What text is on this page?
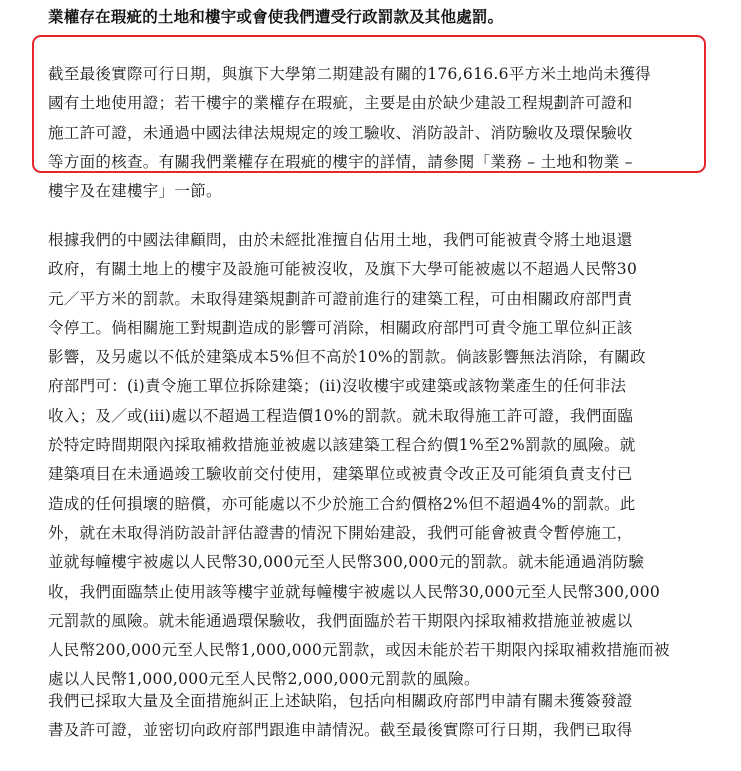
業權存在瑕疵的土地和樓宇或會使我們遭受行政罰款及其他處罰。
截至最後實際可行日期，與旗下大學第二期建設有關的176,616.6平方米土地尚未獲得
國有土地使用證；若干樓宇的業權存在瑕疵，主要是由於缺少建設工程規劃許可證和
施工許可證，未通過中國法律法規規定的竣工驗收、消防設計、消防驗收及環保驗收
等方面的核查。有關我們業權存在瑕疵的樓宇的詳情，請參閱「業務 – 土地和物業 –
樓宇及在建樓宇」一節。
根據我們的中國法律顧問，由於未經批准擅自佔用土地，我們可能被責令將土地退還
政府，有關土地上的樓宇及設施可能被沒收，及旗下大學可能被處以不超過人民幣30
元／平方米的罰款。未取得建築規劃許可證前進行的建築工程，可由相關政府部門責
令停工。倘相關施工對規劃造成的影響可消除，相關政府部門可責令施工單位糾正該
影響，及另處以不低於建築成本5%但不高於10%的罰款。倘該影響無法消除，有關政
府部門可：(i)責令施工單位拆除建築；(ii)沒收樓宇或建築或該物業產生的任何非法
收入；及／或(iii)處以不超過工程造價10%的罰款。就未取得施工許可證，我們面臨
於特定時間期限內採取補救措施並被處以該建築工程合約價1%至2%罰款的風險。就
建築項目在未通過竣工驗收前交付使用，建築單位或被責令改正及可能須負責支付已
造成的任何損壞的賠償，亦可能處以不少於施工合約價格2%但不超過4%的罰款。此
外，就在未取得消防設計評估證書的情況下開始建設，我們可能會被責令暫停施工，
並就每幢樓宇被處以人民幣30,000元至人民幣300,000元的罰款。就未能通過消防驗
收，我們面臨禁止使用該等樓宇並就每幢樓宇被處以人民幣30,000元至人民幣300,000
元罰款的風險。就未能通過環保驗收，我們面臨於若干期限內採取補救措施並被處以
人民幣200,000元至人民幣1,000,000元罰款，或因未能於若干期限內採取補救措施而被
處以人民幣1,000,000元至人民幣2,000,000元罰款的風險。
我們已採取大量及全面措施糾正上述缺陷，包括向相關政府部門申請有關未獲簽發證
書及許可證，並密切向政府部門跟進申請情況。截至最後實際可行日期，我們已取得
